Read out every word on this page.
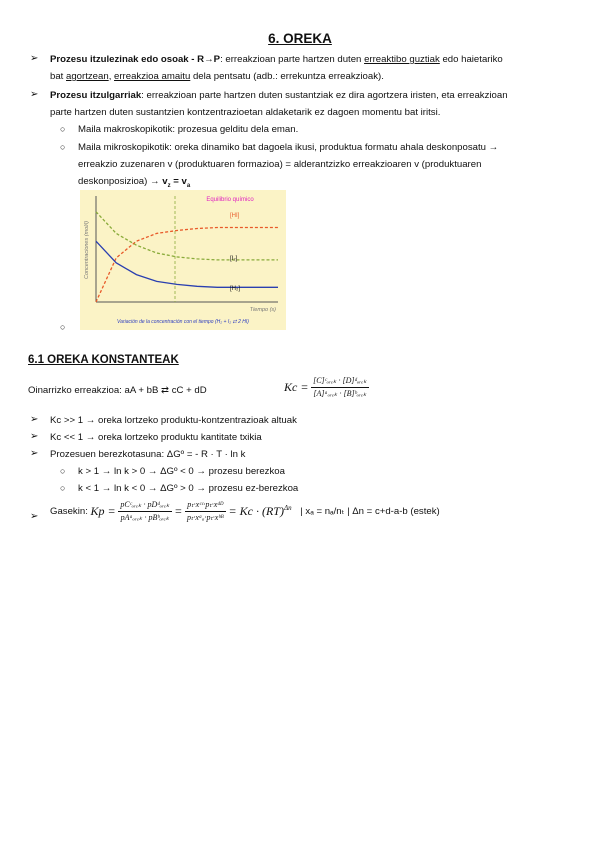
6. OREKA
➢ Prozesu itzulezinak edo osoak - R→P: erreakzioan parte hartzen duten erreaktibo guztiak edo haietariko
bat agortzean, erreakzioa amaitu dela pentsatu (adb.: errekuntza erreakzioak).
➢ Prozesu itzulgarriak: erreakzioan parte hartzen duten sustantziak ez dira agortzera iristen, eta erreakzioan
parte hartzen duten sustantzien kontzentrazioetan aldaketarik ez dagoen momentu bat iritsi.
○ Maila makroskopikotik: prozesua gelditu dela eman.
○ Maila mikroskopikotik: oreka dinamiko bat dagoela ikusi, produktua formatu ahala deskonposatu →
erreakzio zuzenaren v (produktuaren formazioa) = alderantzizko erreakzioaren v (produktuaren
deskonposizioa) → $v_z = v_a$
Equilibrio químico
Concentraciones (mol/l)
Tiempo (s)
Variación de la concentración con el tiempo (H₂ + I₂ ⇄ 2 HI)
[HI]
[I₂]
[H₂]
○
6.1 OREKA KONSTANTEAK
Oinarrizko erreakzioa: aA + bB ⇄ cC + dD	$Kc = \frac{\text{[C]ᶜₒᵣₑₖ · [D]ᵈₒᵣₑₖ}}{\text{[A]ᵃₒᵣₑₖ · [B]ᵇₒᵣₑₖ}}$
➢ Kc >> 1 → oreka lortzeko produktu-kontzentrazioak altuak
➢ Kc << 1 → oreka lortzeko produktu kantitate txikia
➢ Prozesuen berezkotasuna: ΔGº = - R · T · ln k
○ k > 1 → ln k > 0 → ΔGº < 0 → prozesu berezkoa
○ k < 1 → ln k < 0 → ΔGº > 0 → prozesu ez-berezkoa
➢ Gasekin: $Kp = \frac{\text{pCᶜₒᵣₑₖ · pDᵈₒᵣₑₖ}}{\text{pAᵃₒᵣₑₖ · pBᵇₒᵣₑₖ}} = \frac{\text{pₜ·xᶜᶜ·pₜ·xᵈᴰ}}{\text{pₜ·xᵃₐ·pₜ·xᵇᴮ}} = Kc \cdot (RT)^{\Delta n}$ | xₐ = nₐ/nₜ | Δn = c+d-a-b (estek)
